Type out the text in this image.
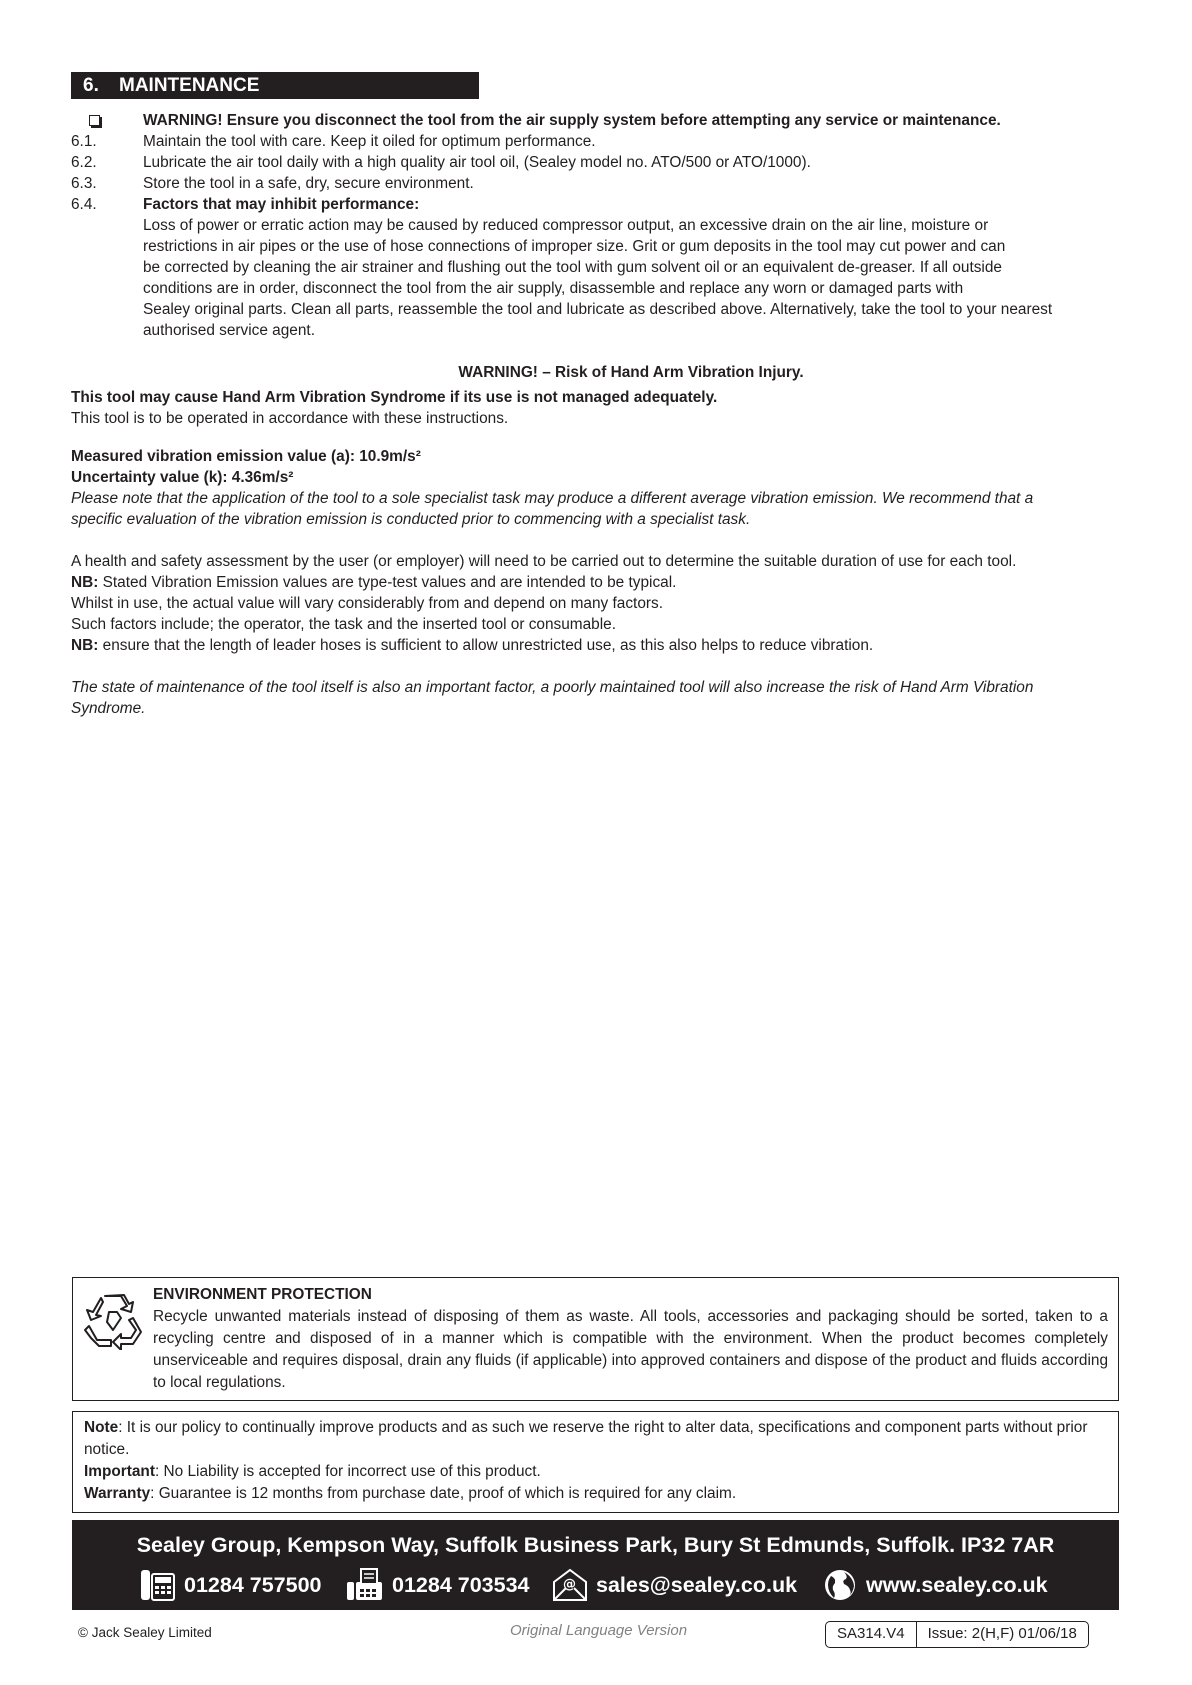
6. MAINTENANCE
WARNING! Ensure you disconnect the tool from the air supply system before attempting any service or maintenance.
6.1.	Maintain the tool with care. Keep it oiled for optimum performance.
6.2.	Lubricate the air tool daily with a high quality air tool oil, (Sealey model no. ATO/500 or ATO/1000).
6.3.	Store the tool in a safe, dry, secure environment.
6.4.	Factors that may inhibit performance:
Loss of power or erratic action may be caused by reduced compressor output, an excessive drain on the air line, moisture or
restrictions in air pipes or the use of hose connections of improper size. Grit or gum deposits in the tool may cut power and can
be corrected by cleaning the air strainer and flushing out the tool with gum solvent oil or an equivalent de-greaser. If all outside
conditions are in order, disconnect the tool from the air supply, disassemble and replace any worn or damaged parts with
Sealey original parts. Clean all parts, reassemble the tool and lubricate as described above. Alternatively, take the tool to your nearest
authorised service agent.
WARNING! – Risk of Hand Arm Vibration Injury.
This tool may cause Hand Arm Vibration Syndrome if its use is not managed adequately.
This tool is to be operated in accordance with these instructions.
Measured vibration emission value (a): 10.9m/s²
Uncertainty value (k): 4.36m/s²
Please note that the application of the tool to a sole specialist task may produce a different average vibration emission. We recommend that a
specific evaluation of the vibration emission is conducted prior to commencing with a specialist task.
A health and safety assessment by the user (or employer) will need to be carried out to determine the suitable duration of use for each tool.
NB: Stated Vibration Emission values are type-test values and are intended to be typical.
Whilst in use, the actual value will vary considerably from and depend on many factors.
Such factors include; the operator, the task and the inserted tool or consumable.
NB: ensure that the length of leader hoses is sufficient to allow unrestricted use, as this also helps to reduce vibration.
The state of maintenance of the tool itself is also an important factor, a poorly maintained tool will also increase the risk of Hand Arm Vibration
Syndrome.
ENVIRONMENT PROTECTION
Recycle unwanted materials instead of disposing of them as waste. All tools, accessories and packaging should be sorted, taken to a recycling centre and disposed of in a manner which is compatible with the environment. When the product becomes completely unserviceable and requires disposal, drain any fluids (if applicable) into approved containers and dispose of the product and fluids according to local regulations.
Note: It is our policy to continually improve products and as such we reserve the right to alter data, specifications and component parts without prior notice.
Important: No Liability is accepted for incorrect use of this product.
Warranty: Guarantee is 12 months from purchase date, proof of which is required for any claim.
Sealey Group, Kempson Way, Suffolk Business Park, Bury St Edmunds, Suffolk. IP32 7AR
01284 757500	01284 703534	@ sales@sealey.co.uk	www.sealey.co.uk
© Jack Sealey Limited	Original Language Version	SA314.V4	Issue: 2(H,F) 01/06/18
